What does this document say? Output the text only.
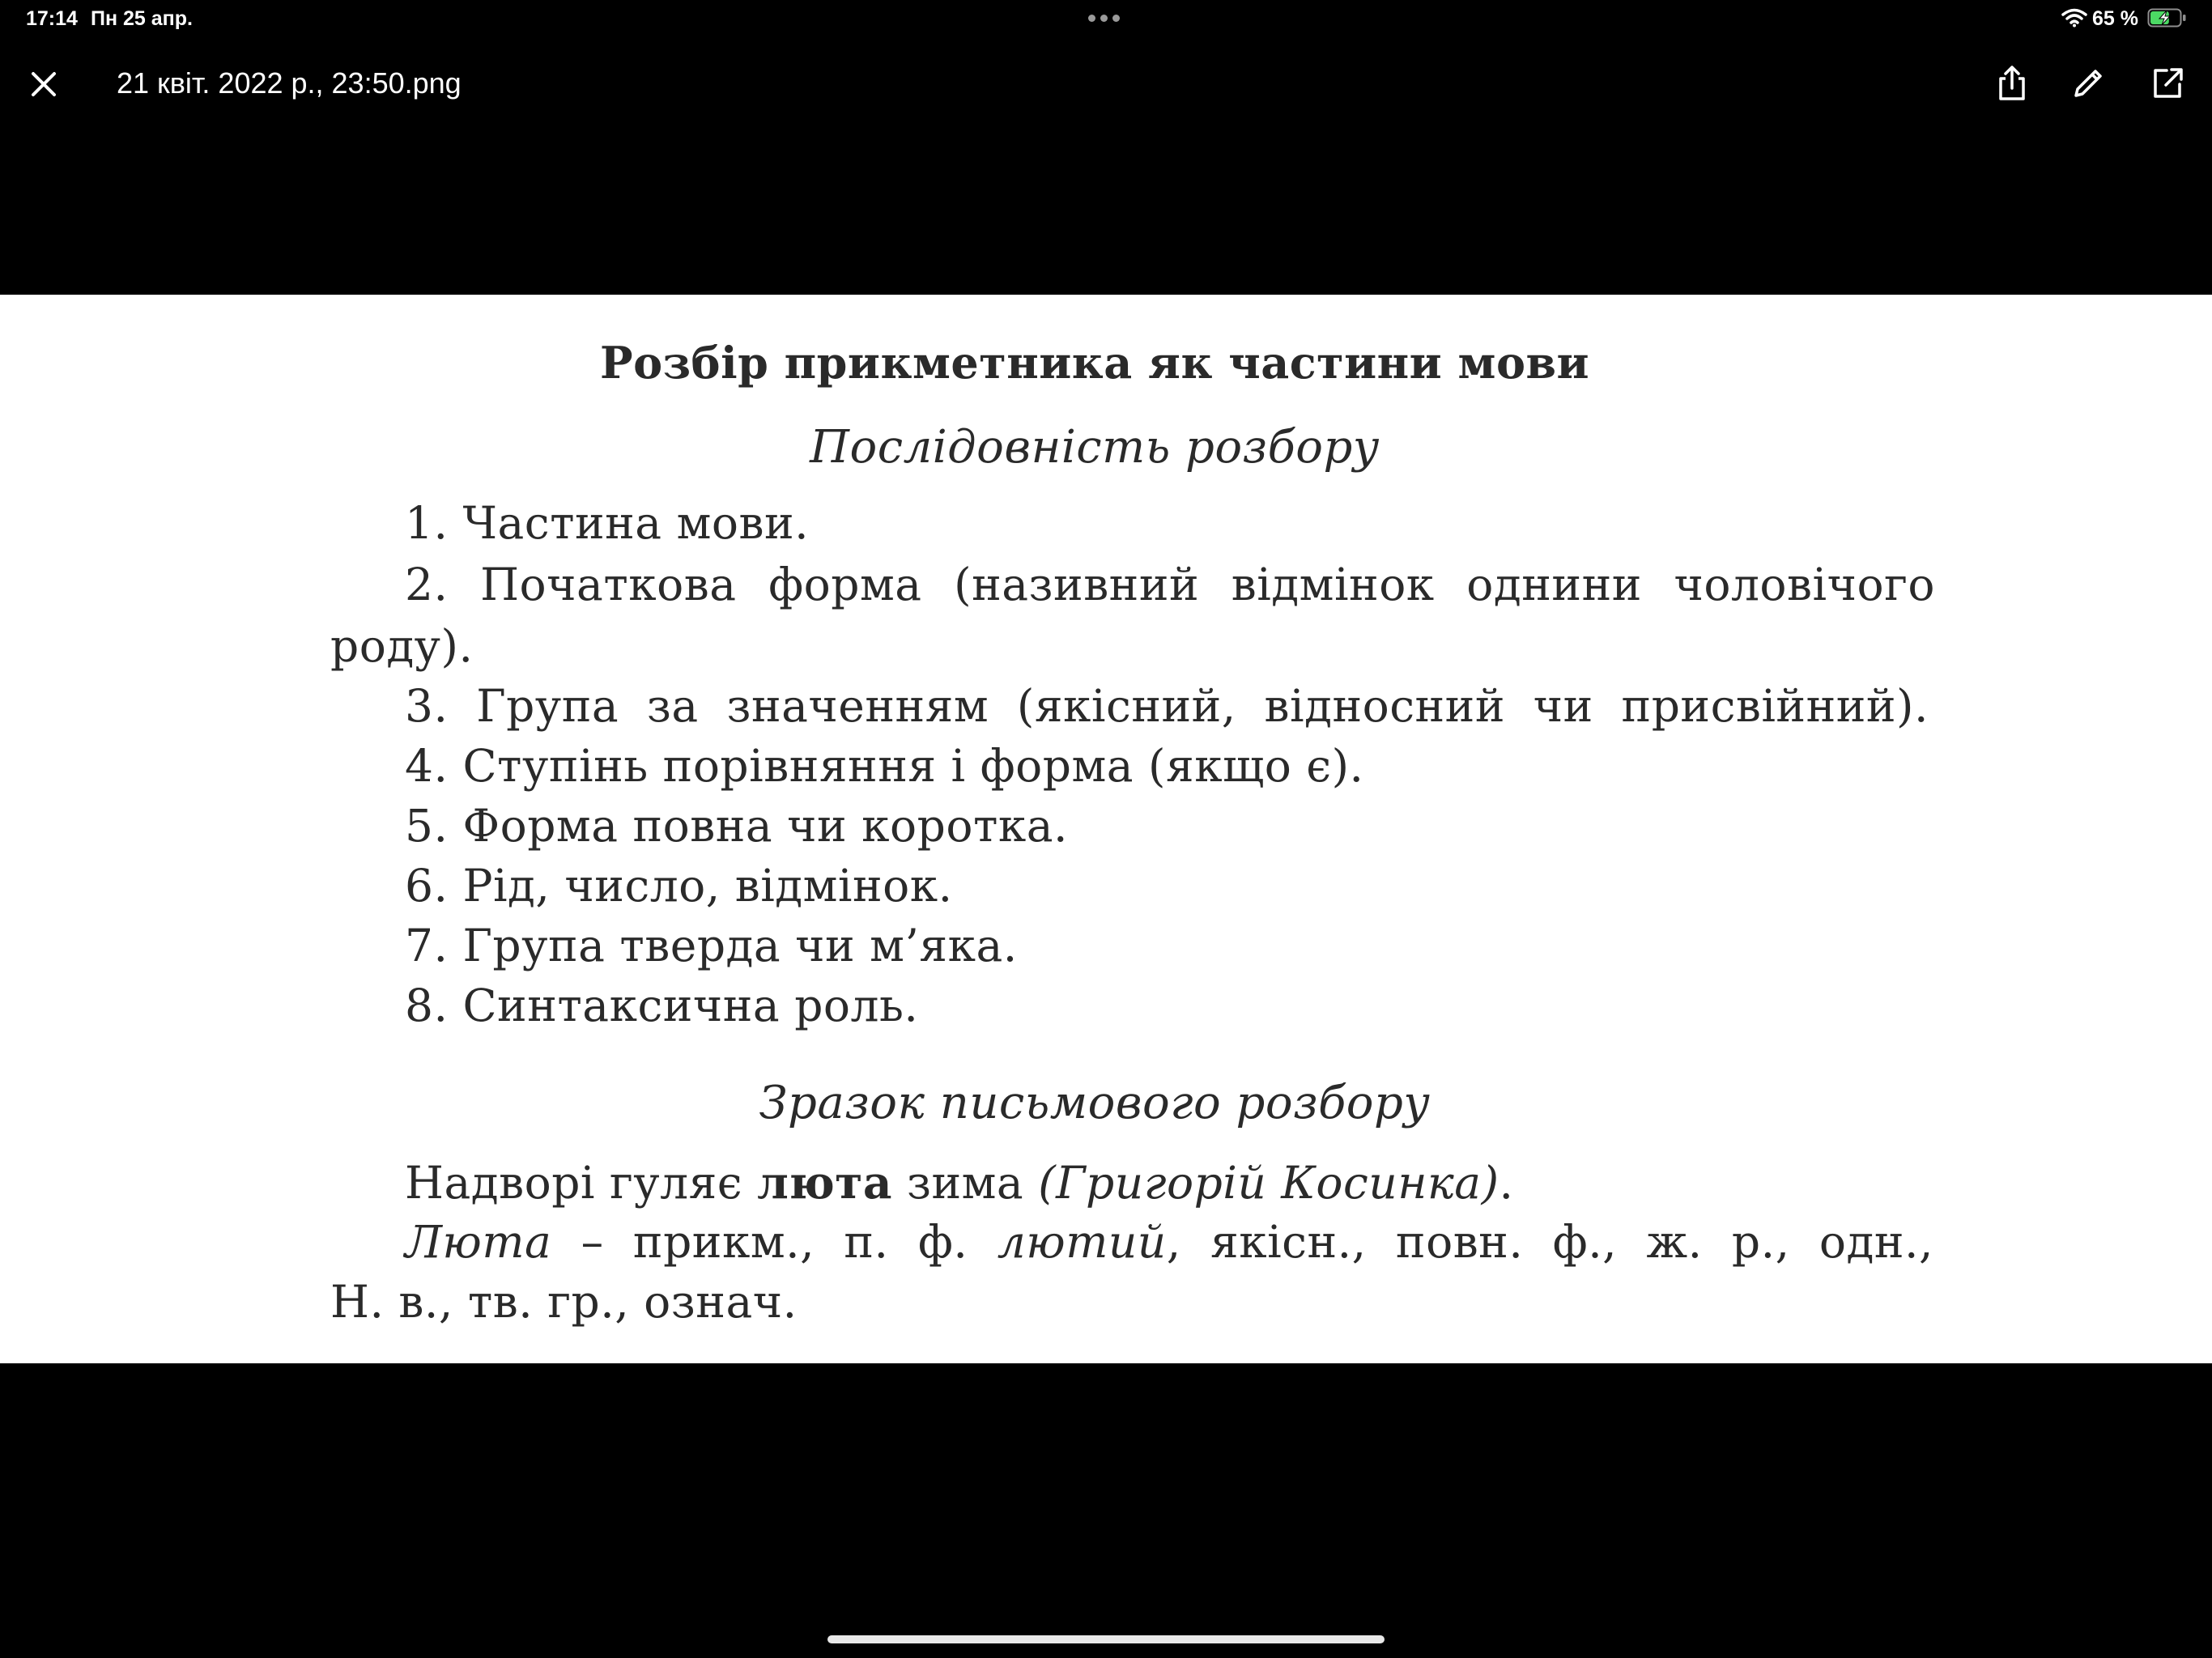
17:14 Пн 25 апр.	65 %
21 квіт. 2022 р., 23:50.png
Розбір прикметника як частини мови
Послідовність розбору
1. Частина мови.
2. Початкова форма (називний відмінок однини чоловічого
роду).
3. Група за значенням (якісний, відносний чи присвійний).
4. Ступінь порівняння і форма (якщо є).
5. Форма повна чи коротка.
6. Рід, число, відмінок.
7. Група тверда чи м’яка.
8. Синтаксична роль.
Зразок письмового розбору
Надворі гуляє люта зима (Григорій Косинка).
Люта – прикм., п. ф. лютий, якісн., повн. ф., ж. р., одн.,
Н. в., тв. гр., означ.
